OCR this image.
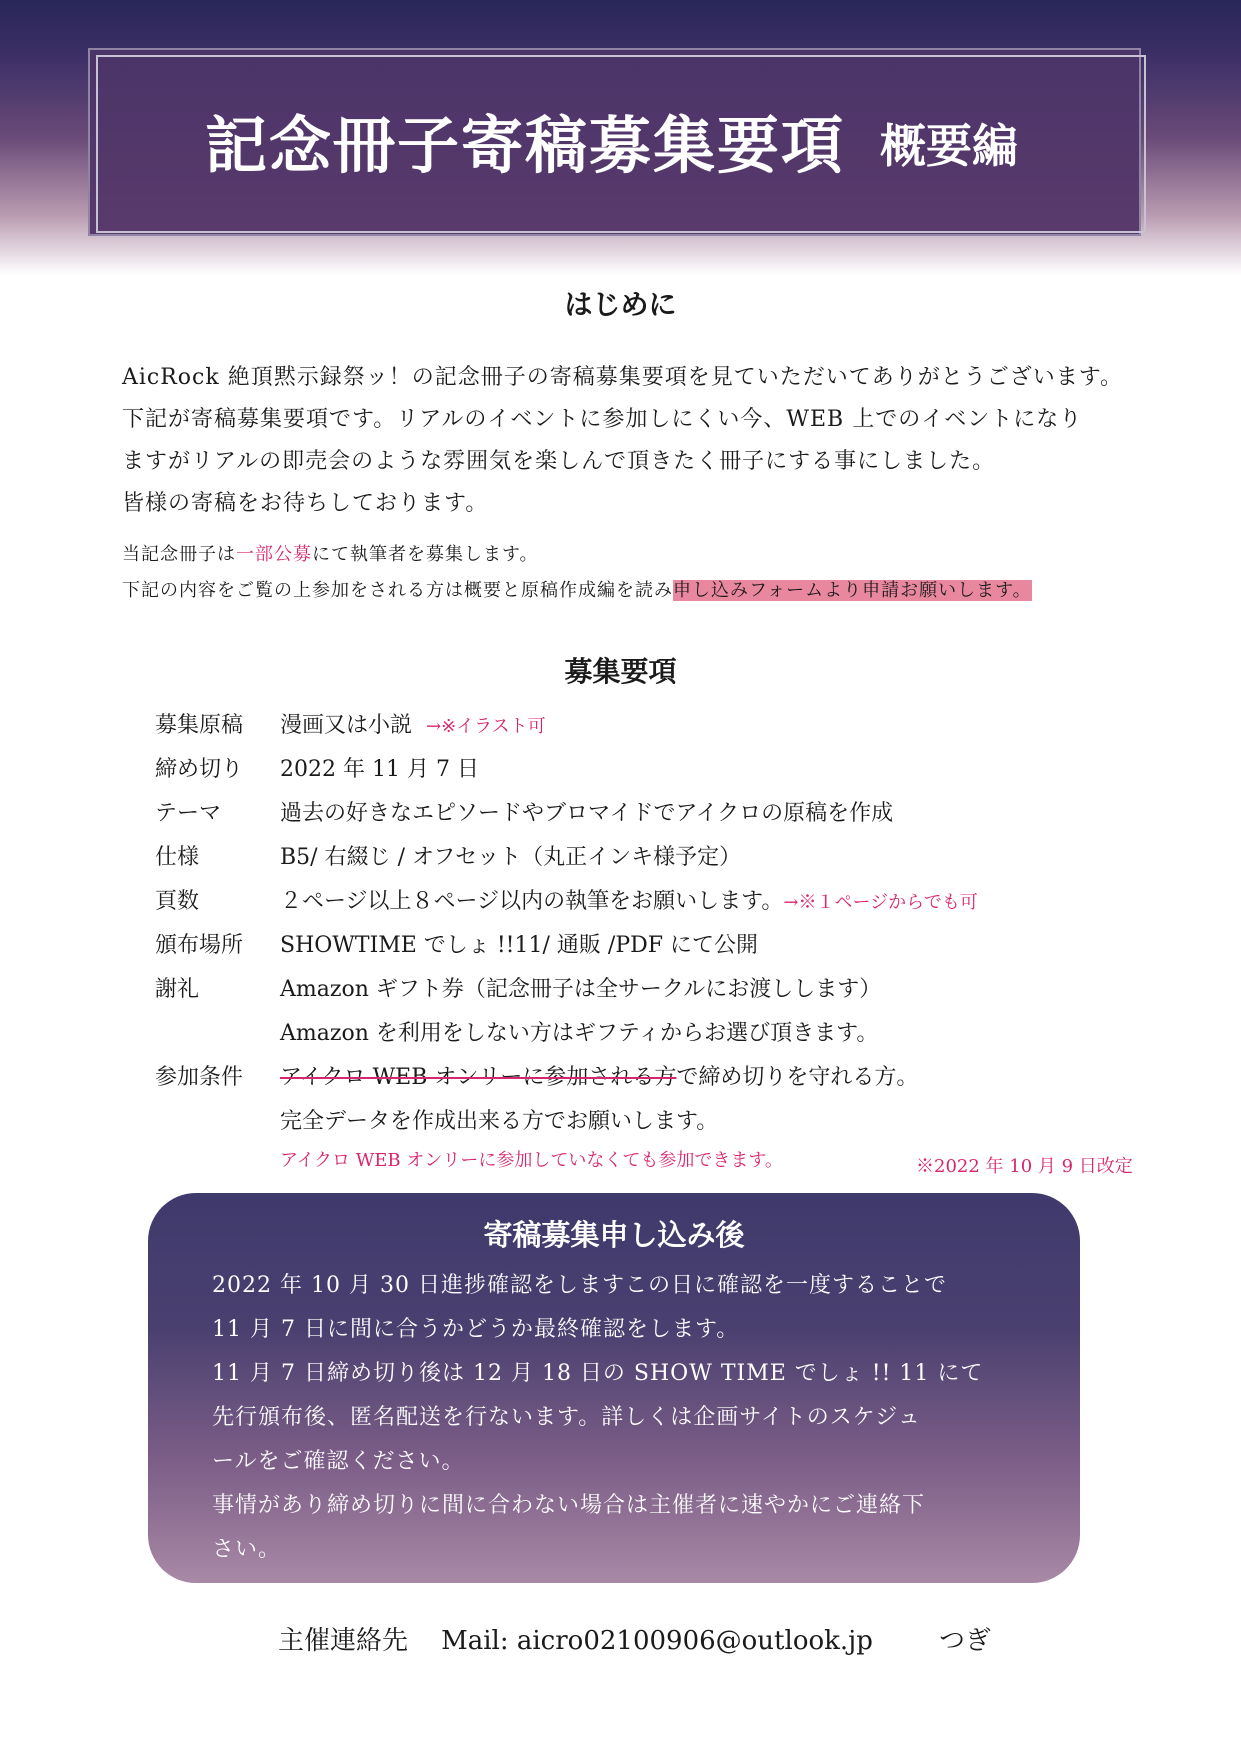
記念冊子寄稿募集要項 概要編
はじめに
AicRock 絶頂黙示録祭ッ！の記念冊子の寄稿募集要項を見ていただいてありがとうございます。
下記が寄稿募集要項です。リアルのイベントに参加しにくい今、WEB 上でのイベントになり
ますがリアルの即売会のような雰囲気を楽しんで頂きたく冊子にする事にしました。
皆様の寄稿をお待ちしております。
当記念冊子は一部公募にて執筆者を募集します。
下記の内容をご覧の上参加をされる方は概要と原稿作成編を読み申し込みフォームより申請お願いします。
募集要項
募集原稿 漫画又は小説 →※イラスト可
締め切り 2022 年 11 月 7 日
テーマ	過去の好きなエピソードやブロマイドでアイクロの原稿を作成
仕様	B5/ 右綴じ / オフセット（丸正インキ様予定）
頁数	２ページ以上８ページ以内の執筆をお願いします。→※１ページからでも可
頒布場所 SHOWTIME でしょ !!11/ 通販 /PDF にて公開
謝礼	Amazon ギフト券（記念冊子は全サークルにお渡しします）
Amazon を利用をしない方はギフティからお選び頂きます。
参加条件 アイクロ WEB オンリーに参加される方で締め切りを守れる方。
完全データを作成出来る方でお願いします。
アイクロ WEB オンリーに参加していなくても参加できます。	※2022 年 10 月 9 日改定
寄稿募集申し込み後
2022 年 10 月 30 日進捗確認をしますこの日に確認を一度することで
11 月 7 日に間に合うかどうか最終確認をします。
11 月 7 日締め切り後は 12 月 18 日の SHOW TIME でしょ !! 11 にて
先行頒布後、匿名配送を行ないます。詳しくは企画サイトのスケジュ
ールをご確認ください。
事情があり締め切りに間に合わない場合は主催者に速やかにご連絡下
さい。
主催連絡先 Mail: aicro02100906@outlook.jp	つぎ
